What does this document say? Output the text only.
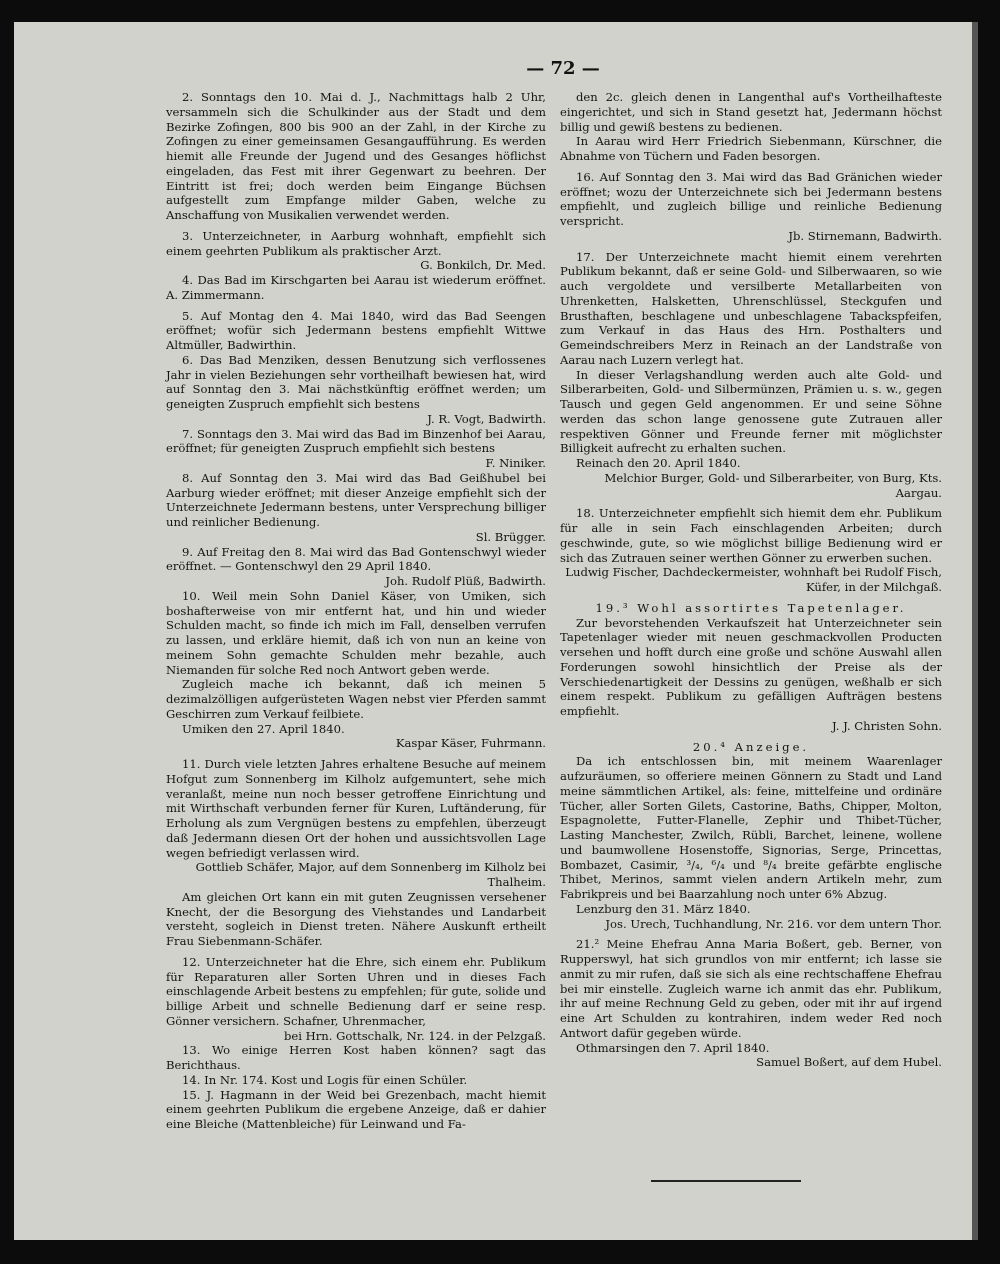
— 72 —

2. Sonntags den 10. Mai d. J., Nachmittags halb 2 Uhr, versammeln sich die Schulkinder aus der Stadt und dem Bezirke Zofingen, 800 bis 900 an der Zahl, in der Kirche zu Zofingen zu einer gemeinsamen Gesangaufführung. Es werden hiemit alle Freunde der Jugend und des Gesanges höflichst eingeladen, das Fest mit ihrer Gegenwart zu beehren. Der Eintritt ist frei; doch werden beim Eingange Büchsen aufgestellt zum Empfange milder Gaben, welche zu Anschaffung von Musikalien verwendet werden.

3. Unterzeichneter, in Aarburg wohnhaft, empfiehlt sich einem geehrten Publikum als praktischer Arzt.

G. Bonkilch, Dr. Med.

4. Das Bad im Kirschgarten bei Aarau ist wiederum eröffnet. A. Zimmermann.

5. Auf Montag den 4. Mai 1840, wird das Bad Seengen eröffnet; wofür sich Jedermann bestens empfiehlt Wittwe Altmüller, Badwirthin.

6. Das Bad Menziken, dessen Benutzung sich verflossenes Jahr in vielen Beziehungen sehr vortheilhaft bewiesen hat, wird auf Sonntag den 3. Mai nächstkünftig eröffnet werden; um geneigten Zuspruch empfiehlt sich bestens

J. R. Vogt, Badwirth.

7. Sonntags den 3. Mai wird das Bad im Binzenhof bei Aarau, eröffnet; für geneigten Zuspruch empfiehlt sich bestens

F. Niniker.

8. Auf Sonntag den 3. Mai wird das Bad Geißhubel bei Aarburg wieder eröffnet; mit dieser Anzeige empfiehlt sich der Unterzeichnete Jedermann bestens, unter Versprechung billiger und reinlicher Bedienung.

Sl. Brügger.

9. Auf Freitag den 8. Mai wird das Bad Gontenschwyl wieder eröffnet. — Gontenschwyl den 29 April 1840.

Joh. Rudolf Plüß, Badwirth.

10. Weil mein Sohn Daniel Käser, von Umiken, sich boshafterweise von mir entfernt hat, und hin und wieder Schulden macht, so finde ich mich im Fall, denselben verrufen zu lassen, und erkläre hiemit, daß ich von nun an keine von meinem Sohn gemachte Schulden mehr bezahle, auch Niemanden für solche Red noch Antwort geben werde.

Zugleich mache ich bekannt, daß ich meinen 5 dezimalzölligen aufgerüsteten Wagen nebst vier Pferden sammt Geschirren zum Verkauf feilbiete.

Umiken den 27. April 1840.

Kaspar Käser, Fuhrmann.

11. Durch viele letzten Jahres erhaltene Besuche auf meinem Hofgut zum Sonnenberg im Kilholz aufgemuntert, sehe mich veranlaßt, meine nun noch besser getroffene Einrichtung und mit Wirthschaft verbunden ferner für Kuren, Luftänderung, für Erholung als zum Vergnügen bestens zu empfehlen, überzeugt daß Jedermann diesen Ort der hohen und aussichtsvollen Lage wegen befriedigt verlassen wird.

Gottlieb Schäfer, Major, auf dem Sonnenberg im Kilholz bei Thalheim.

Am gleichen Ort kann ein mit guten Zeugnissen versehener Knecht, der die Besorgung des Viehstandes und Landarbeit versteht, sogleich in Dienst treten. Nähere Auskunft ertheilt Frau Siebenmann-Schäfer.

12. Unterzeichneter hat die Ehre, sich einem ehr. Publikum für Reparaturen aller Sorten Uhren und in dieses Fach einschlagende Arbeit bestens zu empfehlen; für gute, solide und billige Arbeit und schnelle Bedienung darf er seine resp. Gönner versichern. Schafner, Uhrenmacher,

bei Hrn. Gottschalk, Nr. 124. in der Pelzgaß.

13. Wo einige Herren Kost haben können? sagt das Berichthaus.

14. In Nr. 174. Kost und Logis für einen Schüler.

15. J. Hagmann in der Weid bei Grezenbach, macht hiemit einem geehrten Publikum die ergebene Anzeige, daß er dahier eine Bleiche (Mattenbleiche) für Leinwand und Fa-

den 2c. gleich denen in Langenthal auf's Vortheilhafteste eingerichtet, und sich in Stand gesetzt hat, Jedermann höchst billig und gewiß bestens zu bedienen.

In Aarau wird Herr Friedrich Siebenmann, Kürschner, die Abnahme von Tüchern und Faden besorgen.

16. Auf Sonntag den 3. Mai wird das Bad Gränichen wieder eröffnet; wozu der Unterzeichnete sich bei Jedermann bestens empfiehlt, und zugleich billige und reinliche Bedienung verspricht.

Jb. Stirnemann, Badwirth.

17. Der Unterzeichnete macht hiemit einem verehrten Publikum bekannt, daß er seine Gold- und Silberwaaren, so wie auch vergoldete und versilberte Metallarbeiten von Uhrenketten, Halsketten, Uhrenschlüssel, Steckgufen und Brusthaften, beschlagene und unbeschlagene Tabackspfeifen, zum Verkauf in das Haus des Hrn. Posthalters und Gemeindschreibers Merz in Reinach an der Landstraße von Aarau nach Luzern verlegt hat.

In dieser Verlagshandlung werden auch alte Gold- und Silberarbeiten, Gold- und Silbermünzen, Prämien u. s. w., gegen Tausch und gegen Geld angenommen. Er und seine Söhne werden das schon lange genossene gute Zutrauen aller respektiven Gönner und Freunde ferner mit möglichster Billigkeit aufrecht zu erhalten suchen.

Reinach den 20. April 1840.

Melchior Burger, Gold- und Silberarbeiter, von Burg, Kts. Aargau.

18. Unterzeichneter empfiehlt sich hiemit dem ehr. Publikum für alle in sein Fach einschlagenden Arbeiten; durch geschwinde, gute, so wie möglichst billige Bedienung wird er sich das Zutrauen seiner werthen Gönner zu erwerben suchen.

Ludwig Fischer, Dachdeckermeister, wohnhaft bei Rudolf Fisch, Küfer, in der Milchgaß.

19.³ Wohl assortirtes Tapetenlager.

Zur bevorstehenden Verkaufszeit hat Unterzeichneter sein Tapetenlager wieder mit neuen geschmackvollen Producten versehen und hofft durch eine große und schöne Auswahl allen Forderungen sowohl hinsichtlich der Preise als der Verschiedenartigkeit der Dessins zu genügen, weßhalb er sich einem respekt. Publikum zu gefälligen Aufträgen bestens empfiehlt.

J. J. Christen Sohn.

20.⁴ Anzeige.

Da ich entschlossen bin, mit meinem Waarenlager aufzuräumen, so offeriere meinen Gönnern zu Stadt und Land meine sämmtlichen Artikel, als: feine, mittelfeine und ordinäre Tücher, aller Sorten Gilets, Castorine, Baths, Chipper, Molton, Espagnolette, Futter-Flanelle, Zephir und Thibet-Tücher, Lasting Manchester, Zwilch, Rübli, Barchet, leinene, wollene und baumwollene Hosenstoffe, Signorias, Serge, Princettas, Bombazet, Casimir, ³/₄, ⁶/₄ und ⁸/₄ breite gefärbte englische Thibet, Merinos, sammt vielen andern Artikeln mehr, zum Fabrikpreis und bei Baarzahlung noch unter 6% Abzug.

Lenzburg den 31. März 1840.

Jos. Urech, Tuchhandlung, Nr. 216. vor dem untern Thor.

21.² Meine Ehefrau Anna Maria Boßert, geb. Berner, von Rupperswyl, hat sich grundlos von mir entfernt; ich lasse sie anmit zu mir rufen, daß sie sich als eine rechtschaffene Ehefrau bei mir einstelle. Zugleich warne ich anmit das ehr. Publikum, ihr auf meine Rechnung Geld zu geben, oder mit ihr auf irgend eine Art Schulden zu kontrahiren, indem weder Red noch Antwort dafür gegeben würde.

Othmarsingen den 7. April 1840.

Samuel Boßert, auf dem Hubel.
